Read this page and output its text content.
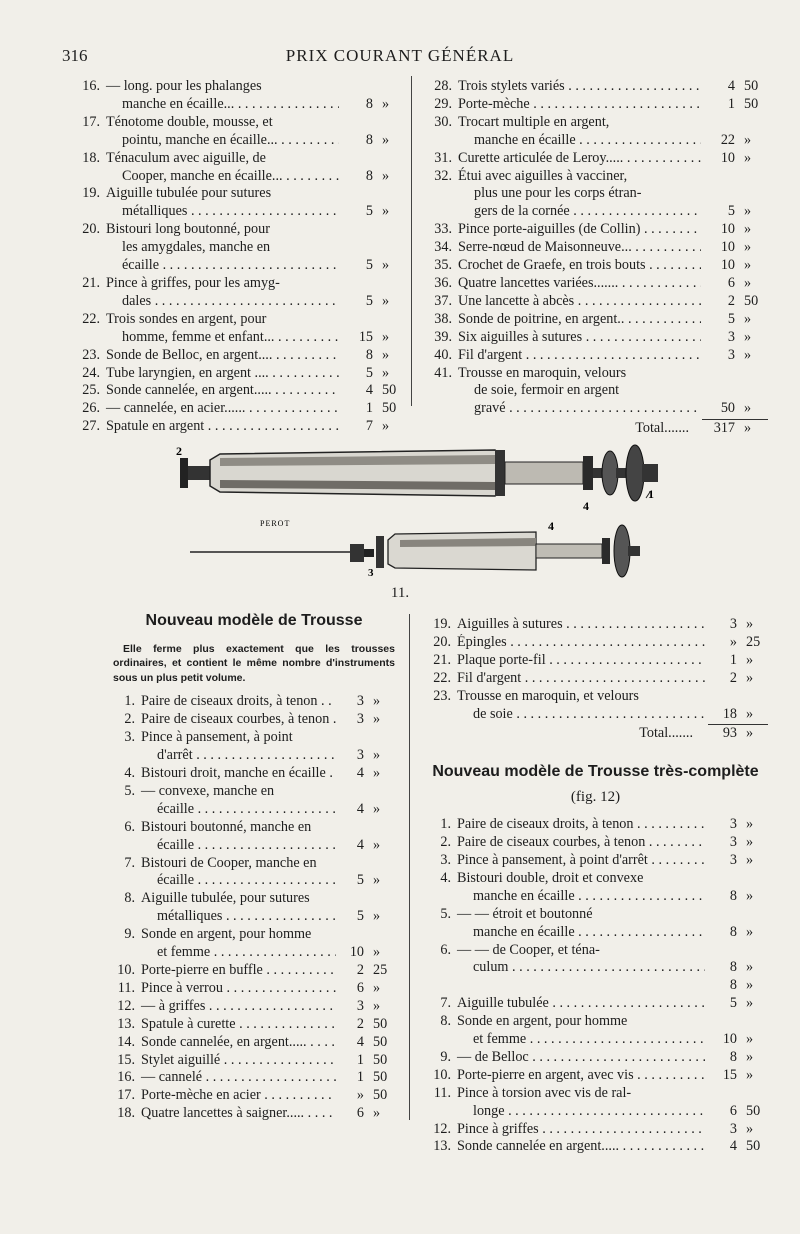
316	PRIX COURANT GÉNÉRAL
16. — long. pour les phalanges
manche en écaille... . . .	8 »
17. Ténotome double, mousse, et
pointu, manche en écaille... . . .	8 »
18. Ténaculum avec aiguille, de
Cooper, manche en écaille... . . .	8 »
19. Aiguille tubulée pour sutures
métalliques . . .	5 »
20. Bistouri long boutonné, pour
les amygdales, manche en
écaille . . .	5 »
21. Pince à griffes, pour les amyg-
dales . . .	5 »
22. Trois sondes en argent, pour
homme, femme et enfant... . . .	15 »
23. Sonde de Belloc, en argent.... . . .	8 »
24. Tube laryngien, en argent .... . . .	5 »
25. Sonde cannelée, en argent..... . . .	4 50
26. — cannelée, en acier...... . . .	1 50
27. Spatule en argent . . .	7 »
28. Trois stylets variés . . .	4 50
29. Porte-mèche . . .	1 50
30. Trocart multiple en argent,
manche en écaille . . .	22 »
31. Curette articulée de Leroy..... . . .	10 »
32. Étui avec aiguilles à vacciner,
plus une pour les corps étran-
gers de la cornée . . .	5 »
33. Pince porte-aiguilles (de Collin) . . .	10 »
34. Serre-nœud de Maisonneuve... . . .	10 »
35. Crochet de Graefe, en trois bouts . . .	10 »
36. Quatre lancettes variées....... . . .	6 »
37. Une lancette à abcès . . .	2 50
38. Sonde de poitrine, en argent.. . . .	5 »
39. Six aiguilles à sutures . . .	3 »
40. Fil d'argent . . .	3 »
41. Trousse en maroquin, velours
de soie, fermoir en argent
gravé . . .	50 »
Total.......	317 »
2
1
4
PEROT	4
3
11.
Nouveau modèle de Trousse
Elle ferme plus exactement que les trousses ordinaires, et contient le même nombre d'instruments sous un plus petit volume.
1. Paire de ciseaux droits, à tenon . . .	3 »
2. Paire de ciseaux courbes, à tenon . . .	3 »
3. Pince à pansement, à point
d'arrêt . . .	3 »
4. Bistouri droit, manche en écaille . . .	4 »
5. — convexe, manche en
écaille . . .	4 »
6. Bistouri boutonné, manche en
écaille . . .	4 »
7. Bistouri de Cooper, manche en
écaille . . .	5 »
8. Aiguille tubulée, pour sutures
métalliques . . .	5 »
9. Sonde en argent, pour homme
et femme . . .	10 »
10. Porte-pierre en buffle . . .	2 25
11. Pince à verrou . . .	6 »
12. — à griffes . . .	3 »
13. Spatule à curette . . .	2 50
14. Sonde cannelée, en argent..... . . .	4 50
15. Stylet aiguillé . . .	1 50
16. — cannelé . . .	1 50
17. Porte-mèche en acier . . .	» 50
18. Quatre lancettes à saigner..... . . .	6 »
19. Aiguilles à sutures . . .	3 »
20. Épingles . . .	» 25
21. Plaque porte-fil . . .	1 »
22. Fil d'argent . . .	2 »
23. Trousse en maroquin, et velours
de soie . . .	18 »
Total.......	93 »
Nouveau modèle de Trousse très-complète
(fig. 12)
1. Paire de ciseaux droits, à tenon . . .	3 »
2. Paire de ciseaux courbes, à tenon . . .	3 »
3. Pince à pansement, à point d'arrêt . . .	3 »
4. Bistouri double, droit et convexe
manche en écaille . . .	8 »
5. — — étroit et boutonné
manche en écaille . . .	8 »
6. — — de Cooper, et téna-
culum . . .	8 »
8 »
7. Aiguille tubulée . . .	5 »
8. Sonde en argent, pour homme
et femme . . .	10 »
9. — de Belloc . . .	8 »
10. Porte-pierre en argent, avec vis . . .	15 »
11. Pince à torsion avec vis de ral-
longe . . .	6 50
12. Pince à griffes . . .	3 »
13. Sonde cannelée en argent..... . . .	4 50
